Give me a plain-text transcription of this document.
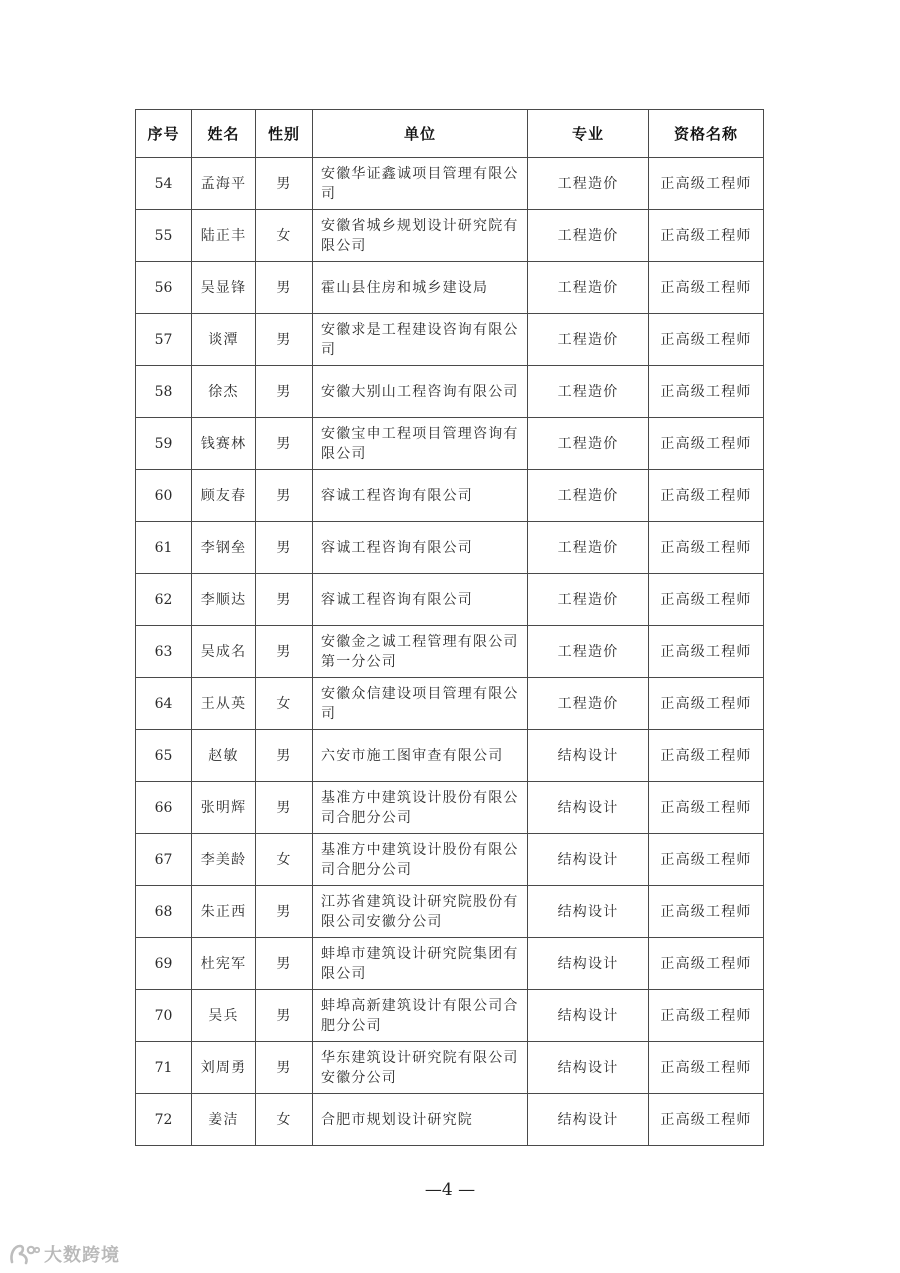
序号	姓名	性别	单位	专业	资格名称
54	孟海平	男	安徽华证鑫诚项目管理有限公司	工程造价	正高级工程师
55	陆正丰	女	安徽省城乡规划设计研究院有限公司	工程造价	正高级工程师
56	吴显锋	男	霍山县住房和城乡建设局	工程造价	正高级工程师
57	谈潭	男	安徽求是工程建设咨询有限公司	工程造价	正高级工程师
58	徐杰	男	安徽大别山工程咨询有限公司	工程造价	正高级工程师
59	钱赛林	男	安徽宝申工程项目管理咨询有限公司	工程造价	正高级工程师
60	顾友春	男	容诚工程咨询有限公司	工程造价	正高级工程师
61	李钢垒	男	容诚工程咨询有限公司	工程造价	正高级工程师
62	李顺达	男	容诚工程咨询有限公司	工程造价	正高级工程师
63	吴成名	男	安徽金之诚工程管理有限公司第一分公司	工程造价	正高级工程师
64	王从英	女	安徽众信建设项目管理有限公司	工程造价	正高级工程师
65	赵敏	男	六安市施工图审查有限公司	结构设计	正高级工程师
66	张明辉	男	基准方中建筑设计股份有限公司合肥分公司	结构设计	正高级工程师
67	李美龄	女	基准方中建筑设计股份有限公司合肥分公司	结构设计	正高级工程师
68	朱正西	男	江苏省建筑设计研究院股份有限公司安徽分公司	结构设计	正高级工程师
69	杜宪军	男	蚌埠市建筑设计研究院集团有限公司	结构设计	正高级工程师
70	吴兵	男	蚌埠高新建筑设计有限公司合肥分公司	结构设计	正高级工程师
71	刘周勇	男	华东建筑设计研究院有限公司安徽分公司	结构设计	正高级工程师
72	姜洁	女	合肥市规划设计研究院	结构设计	正高级工程师
—4 —
大数跨境
